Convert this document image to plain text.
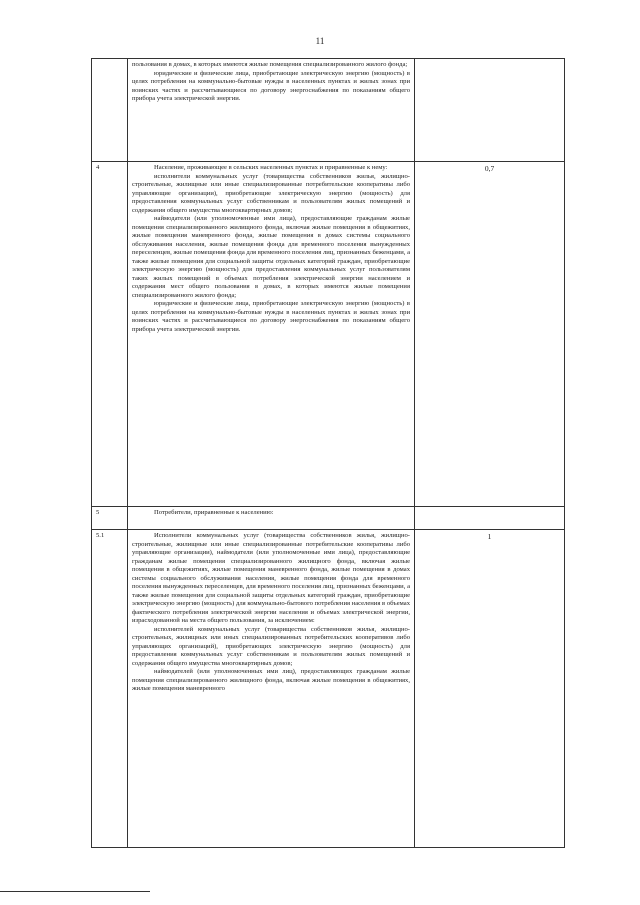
11

	пользования в домах, в которых имеются жилые помещения специализированного жилого фонда;

юридические и физические лица, приобретающие электрическую энергию (мощность) в целях потребления на коммунально-бытовые нужды в населенных пунктах и жилых зонах при воинских частях и рассчитывающиеся по договору энергоснабжения по показаниям общего прибора учета электрической энергии.	

4	Население, проживающее в сельских населенных пунктах и приравненные к нему:

исполнители коммунальных услуг (товарищества собственников жилья, жилищно-строительные, жилищные или иные специализированные потребительские кооперативы либо управляющие организации), приобретающие электрическую энергию (мощность) для предоставления коммунальных услуг собственникам и пользователям жилых помещений и содержания общего имущества многоквартирных домов;

наймодатели (или уполномоченные ими лица), предоставляющие гражданам жилые помещения специализированного жилищного фонда, включая жилые помещения в общежитиях, жилые помещения маневренного фонда, жилые помещения в домах системы социального обслуживания населения, жилые помещения фонда для временного поселения вынужденных переселенцев, жилые помещения фонда для временного поселения лиц, признанных беженцами, а также жилые помещения для социальной защиты отдельных категорий граждан, приобретающие электрическую энергию (мощность) для предоставления коммунальных услуг пользователям таких жилых помещений в объемах потребления электрической энергии населением и содержания мест общего пользования в домах, в которых имеются жилые помещения специализированного жилого фонда;

юридические и физические лица, приобретающие электрическую энергию (мощность) в целях потребления на коммунально-бытовые нужды в населенных пунктах и жилых зонах при воинских частях и рассчитывающиеся по договору энергоснабжения по показаниям общего прибора учета электрической энергии.	0,7
5	Потребители, приравненные к населению:	

5.1	Исполнители коммунальных услуг (товарищества собственников жилья, жилищно-строительные, жилищные или иные специализированные потребительские кооперативы либо управляющие организации), наймодатели (или уполномоченные ими лица), предоставляющие гражданам жилые помещения специализированного жилищного фонда, включая жилые помещения в общежитиях, жилые помещения маневренного фонда, жилые помещения в домах системы социального обслуживания населения, жилые помещения фонда для временного поселения вынужденных переселенцев, для временного поселения лиц, признанных беженцами, а также жилые помещения для социальной защиты отдельных категорий граждан, приобретающие электрическую энергию (мощность) для коммунально-бытового потребления населения в объемах фактического потребления электрической энергии населения и объемах электрической энергии, израсходованной на места общего пользования, за исключением:

исполнителей коммунальных услуг (товарищества собственников жилья, жилищно-строительных, жилищных или иных специализированных потребительских кооперативов либо управляющих организаций), приобретающих электрическую энергию (мощность) для предоставления коммунальных услуг собственникам и пользователям жилых помещений и содержания общего имущества многоквартирных домов;

наймодателей (или уполномоченных ими лиц), предоставляющих гражданам жилые помещения специализированного жилищного фонда, включая жилые помещения в общежитиях, жилые помещения маневренного	1
